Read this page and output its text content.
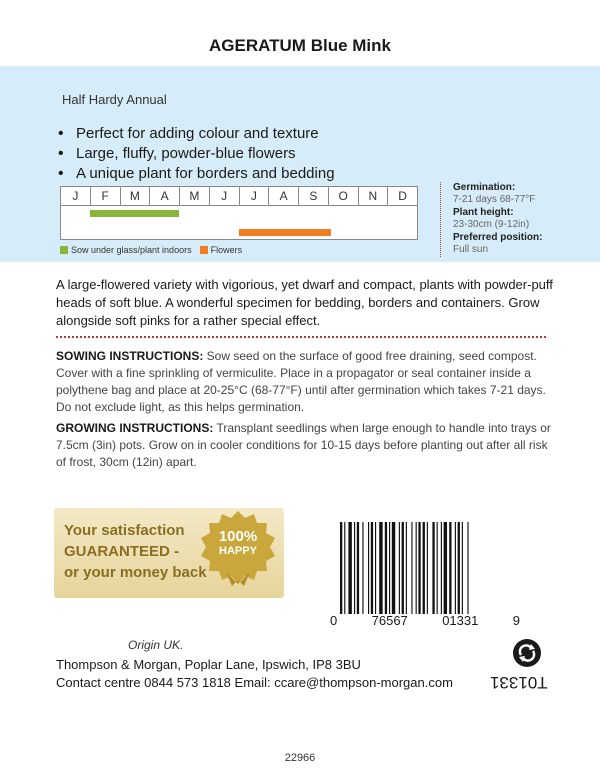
AGERATUM Blue Mink
Half Hardy Annual
• Perfect for adding colour and texture
• Large, fluffy, powder-blue flowers
• A unique plant for borders and bedding
J	F	M	A	M	J	J	A	S	O	N	D
Sow under glass/plant indoors Flowers
Germination:
7-21 days 68-77°F
Plant height:
23-30cm (9-12in)
Preferred position:
Full sun
A large-flowered variety with vigorious, yet dwarf and compact, plants with powder-puff heads of soft blue. A wonderful specimen for bedding, borders and containers. Grow alongside soft pinks for a rather special effect.
SOWING INSTRUCTIONS: Sow seed on the surface of good free draining, seed compost. Cover with a fine sprinkling of vermiculite. Place in a propagator or seal container inside a polythene bag and place at 20-25°C (68-77°F) until after germination which takes 7-21 days. Do not exclude light, as this helps germination.
GROWING INSTRUCTIONS: Transplant seedlings when large enough to handle into trays or 7.5cm (3in) pots. Grow on in cooler conditions for 10-15 days before planting out after all risk of frost, 30cm (12in) apart.
Your satisfaction
GUARANTEED -
or your money back
100%
HAPPY
0	76567	01331	9
Origin UK.
Thompson & Morgan, Poplar Lane, Ipswich, IP8 3BU
Contact centre 0844 573 1818 Email: ccare@thompson-morgan.com T01331
22966
